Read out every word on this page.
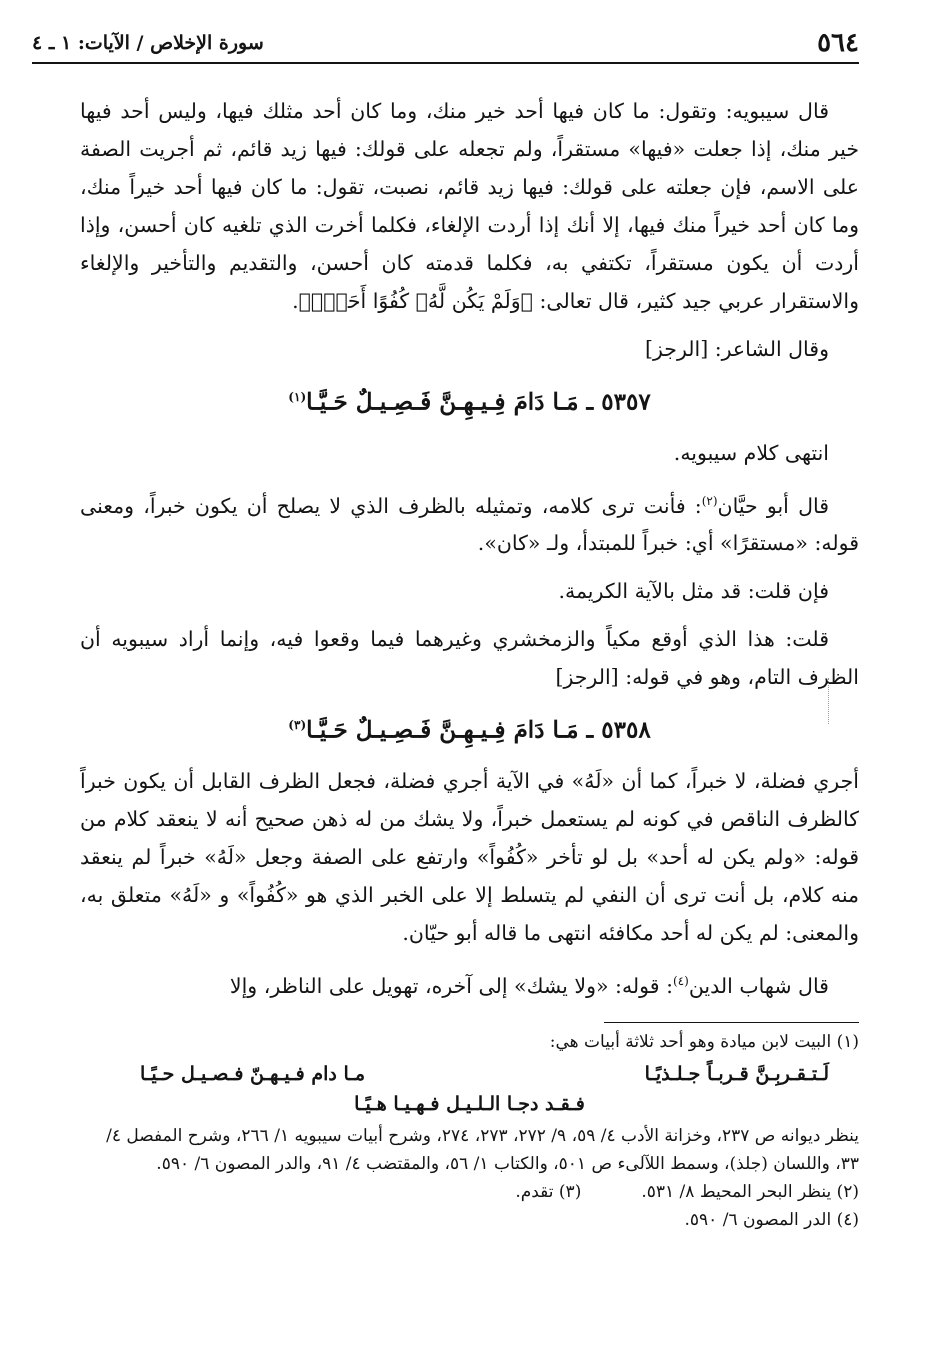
٥٦٤
سورة الإخلاص / الآيات: ١ ـ ٤

قال سيبويه: وتقول: ما كان فيها أحد خير منك، وما كان أحد مثلك فيها، وليس أحد فيها خير منك، إذا جعلت «فيها» مستقراً، ولم تجعله على قولك: فيها زيد قائم، ثم أجريت الصفة على الاسم، فإن جعلته على قولك: فيها زيد قائم، نصبت، تقول: ما كان فيها أحد خيراً منك، وما كان أحد خيراً منك فيها، إلا أنك إذا أردت الإلغاء، فكلما أخرت الذي تلغيه كان أحسن، وإذا أردت أن يكون مستقراً، تكتفي به، فكلما قدمته كان أحسن، والتقديم والتأخير والإلغاء والاستقرار عربي جيد كثير، قال تعالى: ﴿وَلَمْ يَكُن لَّهُۥ كُفُوًا أَحَدٌۢ﴾.

وقال الشاعر: [الرجز]

٥٣٥٧ ـ مَـا دَامَ فِـيـهِـنَّ فَـصِـيـلٌ حَـيَّـا$^{(١)}$

انتهى كلام سيبويه.

قال أبو حيَّان$^{(٢)}$: فأنت ترى كلامه، وتمثيله بالظرف الذي لا يصلح أن يكون خبراً، ومعنى قوله: «مستقرًا» أي: خبراً للمبتدأ، ولـ «كان».

فإن قلت: قد مثل بالآية الكريمة.

قلت: هذا الذي أوقع مكياً والزمخشري وغيرهما فيما وقعوا فيه، وإنما أراد سيبويه أن الظرف التام، وهو في قوله: [الرجز]

٥٣٥٨ ـ مَـا دَامَ فِـيـهِـنَّ فَـصِـيـلٌ حَـيَّـا$^{(٣)}$

أجري فضلة، لا خبراً، كما أن «لَهُ» في الآية أجري فضلة، فجعل الظرف القابل أن يكون خبراً كالظرف الناقص في كونه لم يستعمل خبراً، ولا يشك من له ذهن صحيح أنه لا ينعقد كلام من قوله: «ولم يكن له أحد» بل لو تأخر «كُفُواً» وارتفع على الصفة وجعل «لَهُ» خبراً لم ينعقد منه كلام، بل أنت ترى أن النفي لم يتسلط إلا على الخبر الذي هو «كُفُواً» و «لَهُ» متعلق به، والمعنى: لم يكن له أحد مكافئه انتهى ما قاله أبو حيّان.

قال شهاب الدين$^{(٤)}$: قوله: «ولا يشك» إلى آخره، تهويل على الناظر، وإلا

(١) البيت لابن ميادة وهو أحد ثلاثة أبيات هي:

لَـتـقـربِـنَّ قـربـاً جـلـذيًـا
مـا دام فـيـهـنّ فـصـيـل حـيًـا
فـقـد دجـا الـلـيـل فـهـيـا هـيًـا

ينظر ديوانه ص ٢٣٧، وخزانة الأدب ٤/ ٥٩، ٩/ ٢٧٢، ٢٧٣، ٢٧٤، وشرح أبيات سيبويه ١/ ٢٦٦، وشرح المفصل ٤/ ٣٣، واللسان (جلذ)، وسمط اللآلىء ص ٥٠١، والكتاب ١/ ٥٦، والمقتضب ٤/ ٩١، والدر المصون ٦/ ٥٩٠.

(٢) ينظر البحر المحيط ٨/ ٥٣١.
(٣) تقدم.

(٤) الدر المصون ٦/ ٥٩٠.
